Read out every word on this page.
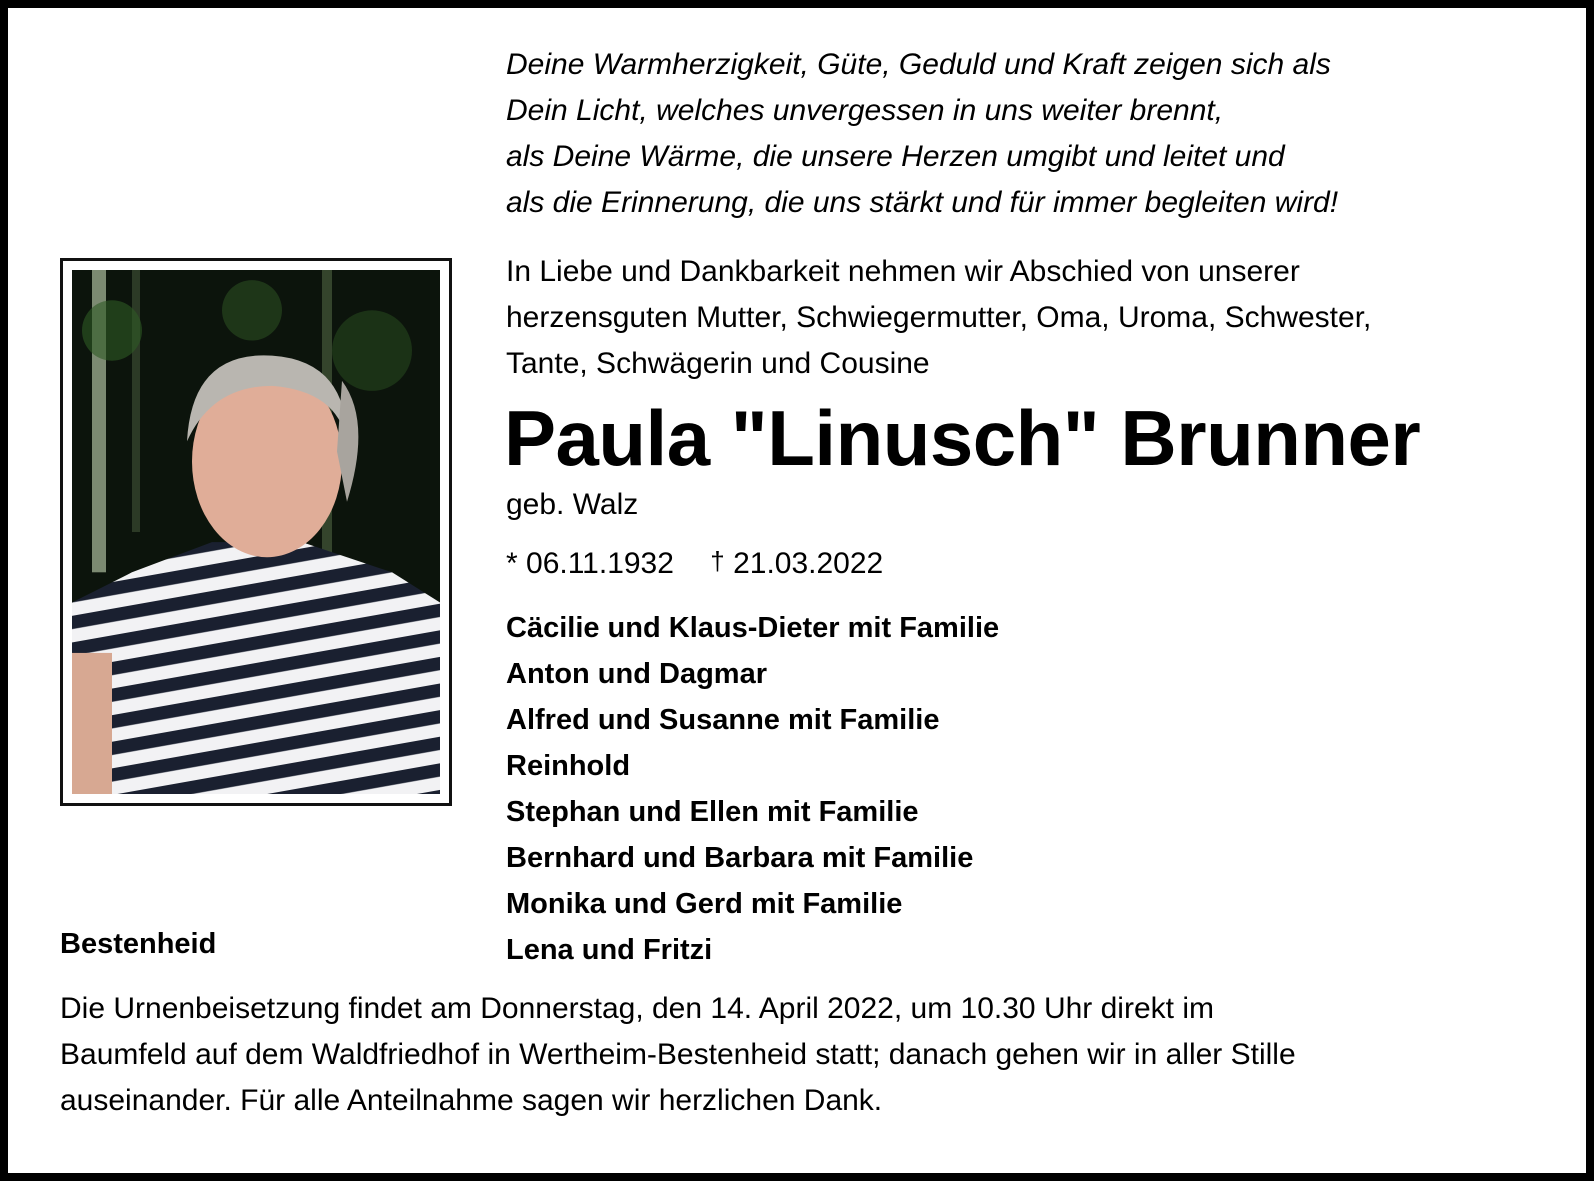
Deine Warmherzigkeit, Güte, Geduld und Kraft zeigen sich als
Dein Licht, welches unvergessen in uns weiter brennt,
als Deine Wärme, die unsere Herzen umgibt und leitet und
als die Erinnerung, die uns stärkt und für immer begleiten wird!
In Liebe und Dankbarkeit nehmen wir Abschied von unserer
herzensguten Mutter, Schwiegermutter, Oma, Uroma, Schwester,
Tante, Schwägerin und Cousine
Paula "Linusch" Brunner
geb. Walz
* 06.11.1932 † 21.03.2022
Cäcilie und Klaus-Dieter mit Familie
Anton und Dagmar
Alfred und Susanne mit Familie
Reinhold
Stephan und Ellen mit Familie
Bernhard und Barbara mit Familie
Monika und Gerd mit Familie
Lena und Fritzi
Bestenheid
Die Urnenbeisetzung findet am Donnerstag, den 14. April 2022, um 10.30 Uhr direkt im
Baumfeld auf dem Waldfriedhof in Wertheim-Bestenheid statt; danach gehen wir in aller Stille
auseinander. Für alle Anteilnahme sagen wir herzlichen Dank.
